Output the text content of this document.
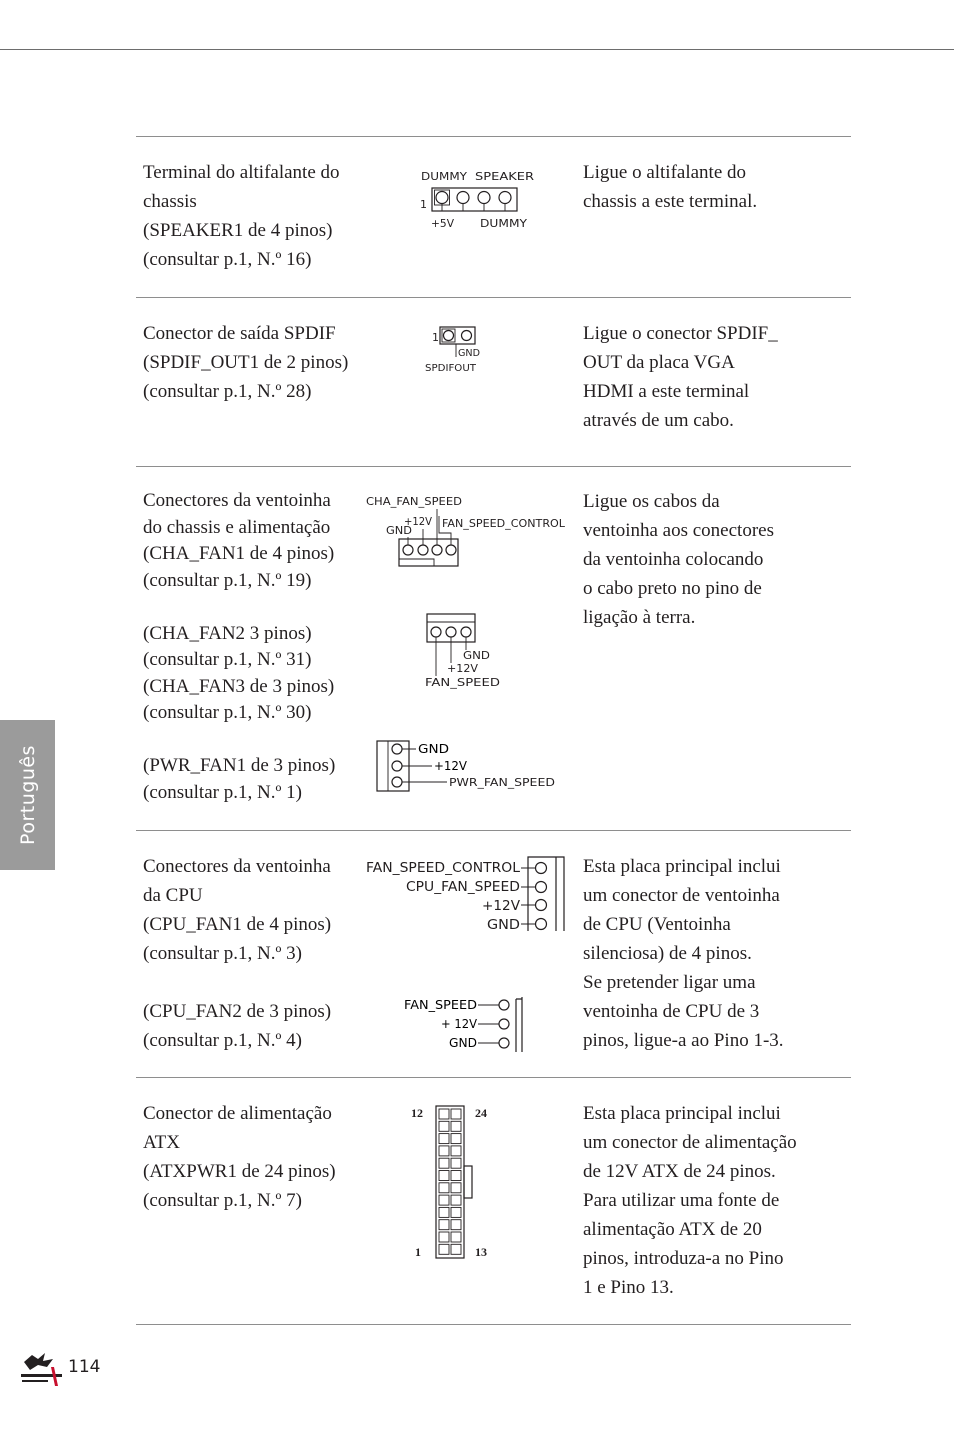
Terminal do altifalante do
chassis
(SPEAKER1 de 4 pinos)
(consultar p.1, N.º 16)
Ligue o altifalante do
chassis a este terminal.
Conector de saída SPDIF
(SPDIF_OUT1 de 2 pinos)
(consultar p.1, N.º 28)
Ligue o conector SPDIF_
OUT da placa VGA
HDMI a este terminal
através de um cabo.
Conectores da ventoinha
do chassis e alimentação
(CHA_FAN1 de 4 pinos)
(consultar p.1, N.º 19)
(CHA_FAN2 3 pinos)
(consultar p.1, N.º 31)
(CHA_FAN3 de 3 pinos)
(consultar p.1, N.º 30)
(PWR_FAN1 de 3 pinos)
(consultar p.1, N.º 1)
Ligue os cabos da
ventoinha aos conectores
da ventoinha colocando
o cabo preto no pino de
ligação à terra.
Conectores da ventoinha
da CPU
(CPU_FAN1 de 4 pinos)
(consultar p.1, N.º 3)
(CPU_FAN2 de 3 pinos)
(consultar p.1, N.º 4)
Esta placa principal inclui
um conector de ventoinha
de CPU (Ventoinha
silenciosa) de 4 pinos.
Se pretender ligar uma
ventoinha de CPU de 3
pinos, ligue-a ao Pino 1-3.
Conector de alimentação
ATX
(ATXPWR1 de 24 pinos)
(consultar p.1, N.º 7)
Esta placa principal inclui
um conector de alimentação
de 12V ATX de 24 pinos.
Para utilizar uma fonte de
alimentação ATX de 20
pinos, introduza-a no Pino
1 e Pino 13.
DUMMY SPEAKER
1
+5V DUMMY
1
GND
SPDIFOUT
CHA_FAN_SPEED
+12V
GND
FAN_SPEED_CONTROL
GND
+12V
FAN_SPEED
GND
+12V
PWR_FAN_SPEED
FAN_SPEED_CONTROL
CPU_FAN_SPEED
+12V
GND
FAN_SPEED
+ 12V
GND
12	24
1	13
Português
114
